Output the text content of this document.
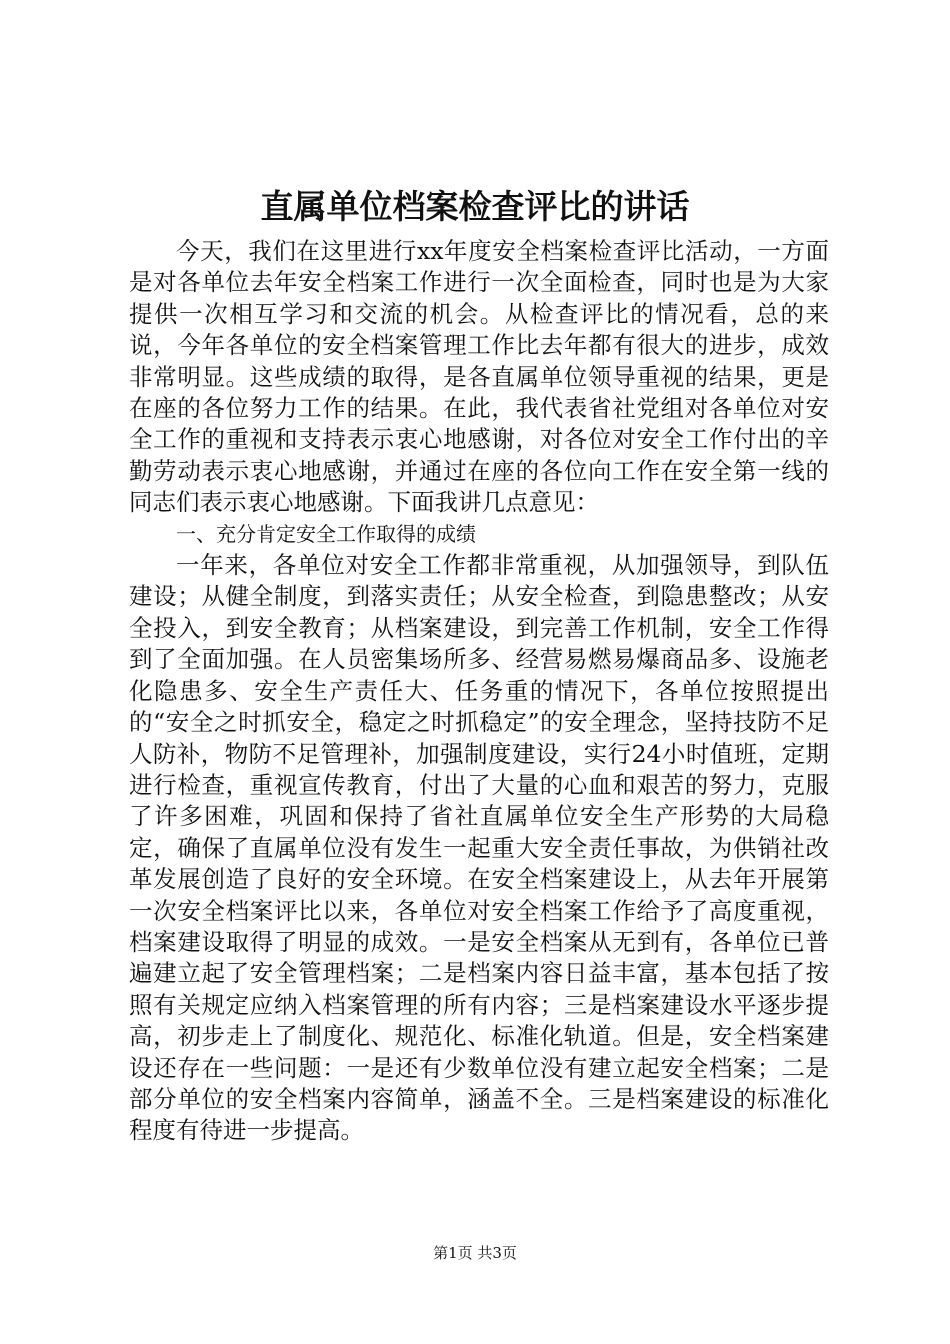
直属单位档案检查评比的讲话

今天，我们在这里进行xx年度安全档案检查评比活动，一方面是对各单位去年安全档案工作进行一次全面检查，同时也是为大家提供一次相互学习和交流的机会。从检查评比的情况看，总的来说，今年各单位的安全档案管理工作比去年都有很大的进步，成效非常明显。这些成绩的取得，是各直属单位领导重视的结果，更是在座的各位努力工作的结果。在此，我代表省社党组对各单位对安全工作的重视和支持表示衷心地感谢，对各位对安全工作付出的辛勤劳动表示衷心地感谢，并通过在座的各位向工作在安全第一线的同志们表示衷心地感谢。下面我讲几点意见：

一、充分肯定安全工作取得的成绩

一年来，各单位对安全工作都非常重视，从加强领导，到队伍建设；从健全制度，到落实责任；从安全检查，到隐患整改；从安全投入，到安全教育；从档案建设，到完善工作机制，安全工作得到了全面加强。在人员密集场所多、经营易燃易爆商品多、设施老化隐患多、安全生产责任大、任务重的情况下，各单位按照提出的“安全之时抓安全，稳定之时抓稳定”的安全理念，坚持技防不足人防补，物防不足管理补，加强制度建设，实行24小时值班，定期进行检查，重视宣传教育，付出了大量的心血和艰苦的努力，克服了许多困难，巩固和保持了省社直属单位安全生产形势的大局稳定，确保了直属单位没有发生一起重大安全责任事故，为供销社改革发展创造了良好的安全环境。在安全档案建设上，从去年开展第一次安全档案评比以来，各单位对安全档案工作给予了高度重视，档案建设取得了明显的成效。一是安全档案从无到有，各单位已普遍建立起了安全管理档案；二是档案内容日益丰富，基本包括了按照有关规定应纳入档案管理的所有内容；三是档案建设水平逐步提高，初步走上了制度化、规范化、标准化轨道。但是，安全档案建设还存在一些问题：一是还有少数单位没有建立起安全档案；二是部分单位的安全档案内容简单，涵盖不全。三是档案建设的标准化程度有待进一步提高。

第1页 共3页
